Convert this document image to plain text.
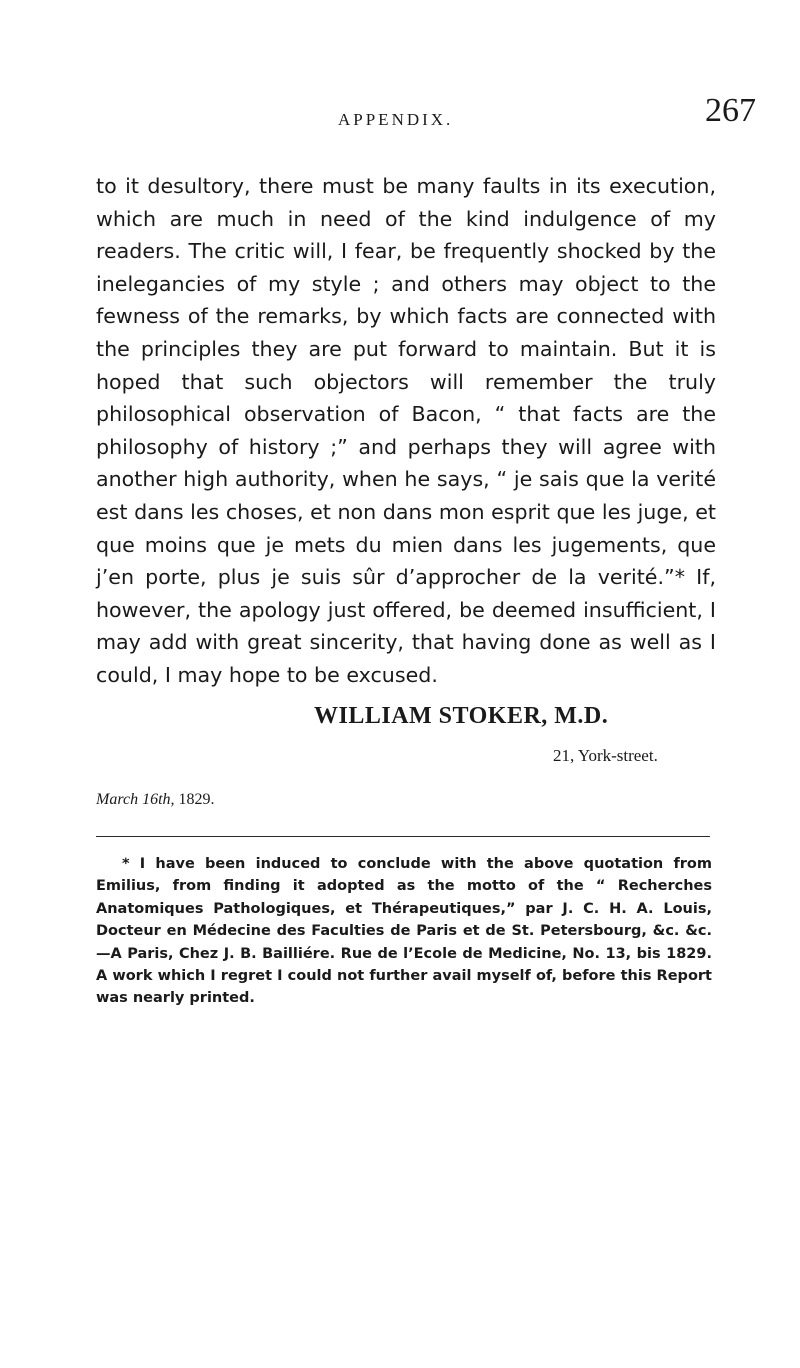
APPENDIX.	267

to it desultory, there must be many faults in its execution, which are much in need of the kind indulgence of my readers. The critic will, I fear, be frequently shocked by the inelegancies of my style ; and others may object to the fewness of the remarks, by which facts are connected with the principles they are put forward to maintain. But it is hoped that such objectors will remember the truly philosophical observation of Bacon, “ that facts are the philosophy of history ;” and perhaps they will agree with another high authority, when he says, “ je sais que la verité est dans les choses, et non dans mon esprit que les juge, et que moins que je mets du mien dans les jugements, que j’en porte, plus je suis sûr d’approcher de la verité.”* If, however, the apology just offered, be deemed insufficient, I may add with great sincerity, that having done as well as I could, I may hope to be excused.

WILLIAM STOKER, M.D.
21, York-street.
March 16th, 1829.

* I have been induced to conclude with the above quotation from Emilius, from finding it adopted as the motto of the “ Recherches Anatomiques Pathologiques, et Thérapeutiques,” par J. C. H. A. Louis, Docteur en Médecine des Faculties de Paris et de St. Petersbourg, &c. &c.—A Paris, Chez J. B. Bailliére. Rue de l’Ecole de Medicine, No. 13, bis 1829. A work which I regret I could not further avail myself of, before this Report was nearly printed.
